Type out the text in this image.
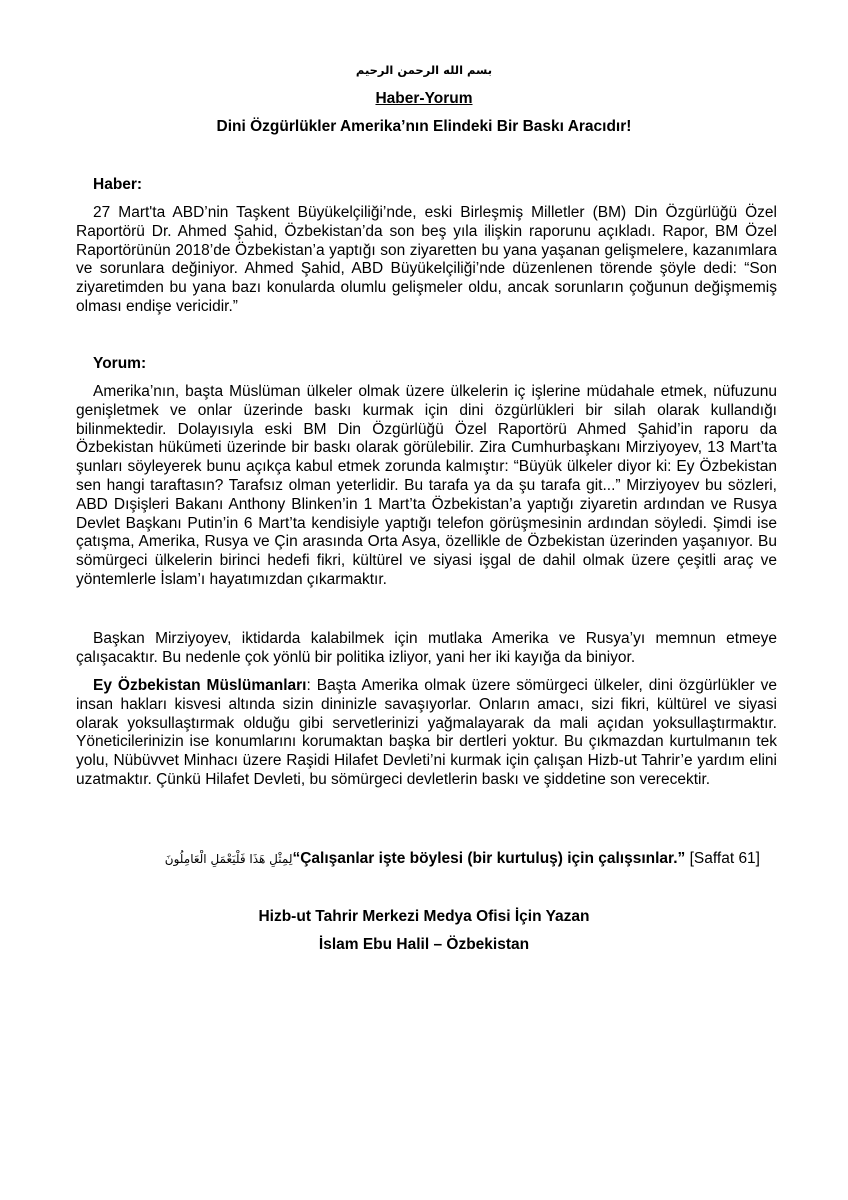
بسم الله الرحمن الرحيم
Haber-Yorum
Dini Özgürlükler Amerika’nın Elindeki Bir Baskı Aracıdır!
Haber:

27 Mart'ta ABD’nin Taşkent Büyükelçiliği’nde, eski Birleşmiş Milletler (BM) Din Özgürlüğü Özel Raportörü Dr. Ahmed Şahid, Özbekistan’da son beş yıla ilişkin raporunu açıkladı. Rapor, BM Özel Raportörünün 2018’de Özbekistan’a yaptığı son ziyaretten bu yana yaşanan gelişmelere, kazanımlara ve sorunlara değiniyor. Ahmed Şahid, ABD Büyükelçiliği’nde düzenlenen törende şöyle dedi: “Son ziyaretimden bu yana bazı konularda olumlu gelişmeler oldu, ancak sorunların çoğunun değişmemiş olması endişe vericidir.”

Yorum:

Amerika’nın, başta Müslüman ülkeler olmak üzere ülkelerin iç işlerine müdahale etmek, nüfuzunu genişletmek ve onlar üzerinde baskı kurmak için dini özgürlükleri bir silah olarak kullandığı bilinmektedir. Dolayısıyla eski BM Din Özgürlüğü Özel Raportörü Ahmed Şahid’in raporu da Özbekistan hükümeti üzerinde bir baskı olarak görülebilir. Zira Cumhurbaşkanı Mirziyoyev, 13 Mart’ta şunları söyleyerek bunu açıkça kabul etmek zorunda kalmıştır: “Büyük ülkeler diyor ki: Ey Özbekistan sen hangi taraftasın? Tarafsız olman yeterlidir. Bu tarafa ya da şu tarafa git...” Mirziyoyev bu sözleri, ABD Dışişleri Bakanı Anthony Blinken’in 1 Mart’ta Özbekistan’a yaptığı ziyaretin ardından ve Rusya Devlet Başkanı Putin’in 6 Mart’ta kendisiyle yaptığı telefon görüşmesinin ardından söyledi. Şimdi ise çatışma, Amerika, Rusya ve Çin arasında Orta Asya, özellikle de Özbekistan üzerinden yaşanıyor. Bu sömürgeci ülkelerin birinci hedefi fikri, kültürel ve siyasi işgal de dahil olmak üzere çeşitli araç ve yöntemlerle İslam’ı hayatımızdan çıkarmaktır.

Başkan Mirziyoyev, iktidarda kalabilmek için mutlaka Amerika ve Rusya’yı memnun etmeye çalışacaktır. Bu nedenle çok yönlü bir politika izliyor, yani her iki kayığa da biniyor.

Ey Özbekistan Müslümanları: Başta Amerika olmak üzere sömürgeci ülkeler, dini özgürlükler ve insan hakları kisvesi altında sizin dininizle savaşıyorlar. Onların amacı, sizi fikri, kültürel ve siyasi olarak yoksullaştırmak olduğu gibi servetlerinizi yağmalayarak da mali açıdan yoksullaştırmaktır. Yöneticilerinizin ise konumlarını korumaktan başka bir dertleri yoktur. Bu çıkmazdan kurtulmanın tek yolu, Nübüvvet Minhacı üzere Raşidi Hilafet Devleti’ni kurmak için çalışan Hizb-ut Tahrir’e yardım elini uzatmaktır. Çünkü Hilafet Devleti, bu sömürgeci devletlerin baskı ve şiddetine son verecektir.

لِمِثْلِ هَذَا فَلْيَعْمَلِ الْعَامِلُونَ“Çalışanlar işte böylesi (bir kurtuluş) için çalışsınlar.” [Saffat 61]
Hizb-ut Tahrir Merkezi Medya Ofisi İçin Yazan
İslam Ebu Halil – Özbekistan
